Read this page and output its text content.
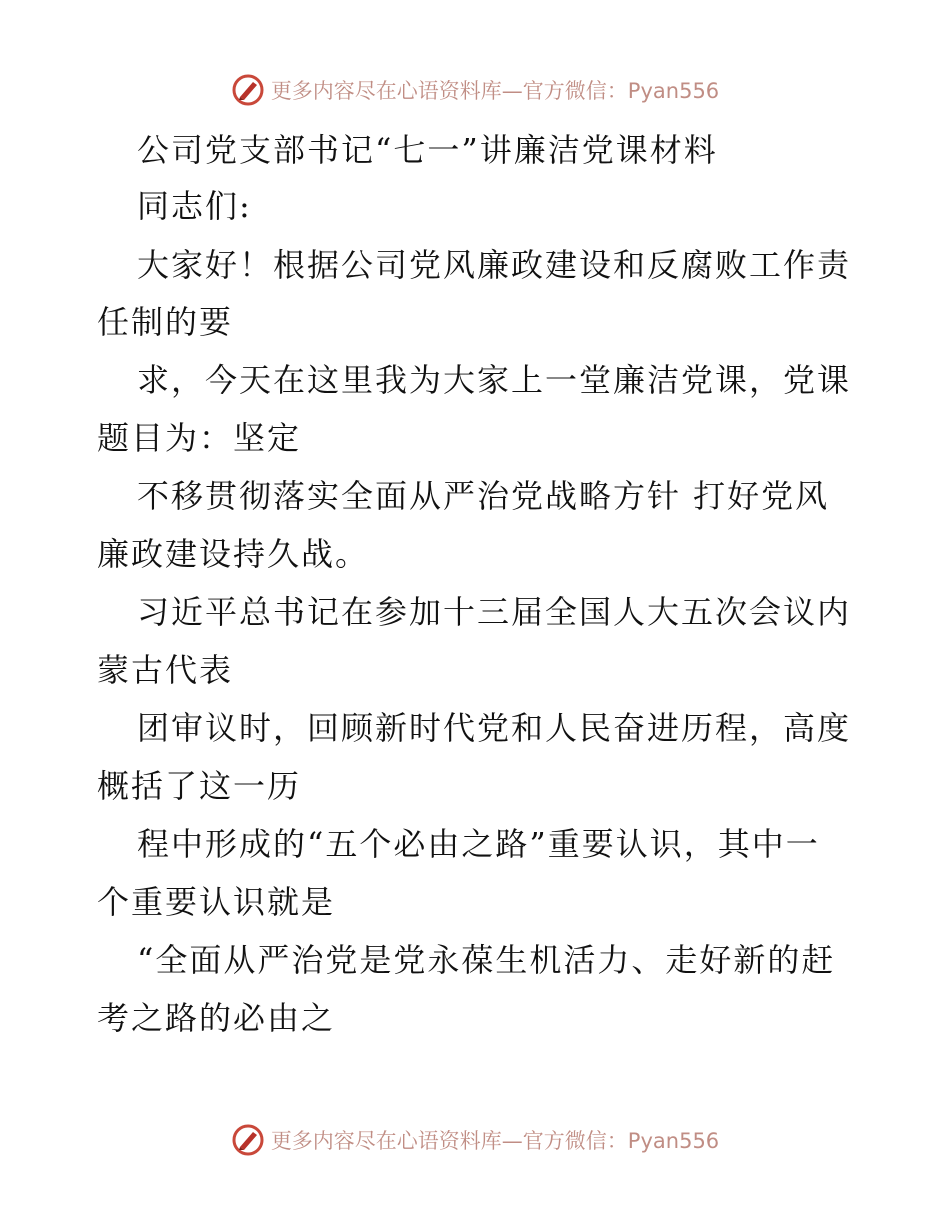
更多内容尽在心语资料库—官方微信：Pyan556
公司党支部书记“七一”讲廉洁党课材料
同志们:
大家好！根据公司党风廉政建设和反腐败工作责
任制的要
求，今天在这里我为大家上一堂廉洁党课，党课
题目为：坚定
不移贯彻落实全面从严治党战略方针 打好党风
廉政建设持久战。
习近平总书记在参加十三届全国人大五次会议内
蒙古代表
团审议时，回顾新时代党和人民奋进历程，高度
概括了这一历
程中形成的“五个必由之路”重要认识，其中一
个重要认识就是
“全面从严治党是党永葆生机活力、走好新的赶
考之路的必由之
更多内容尽在心语资料库—官方微信：Pyan556
